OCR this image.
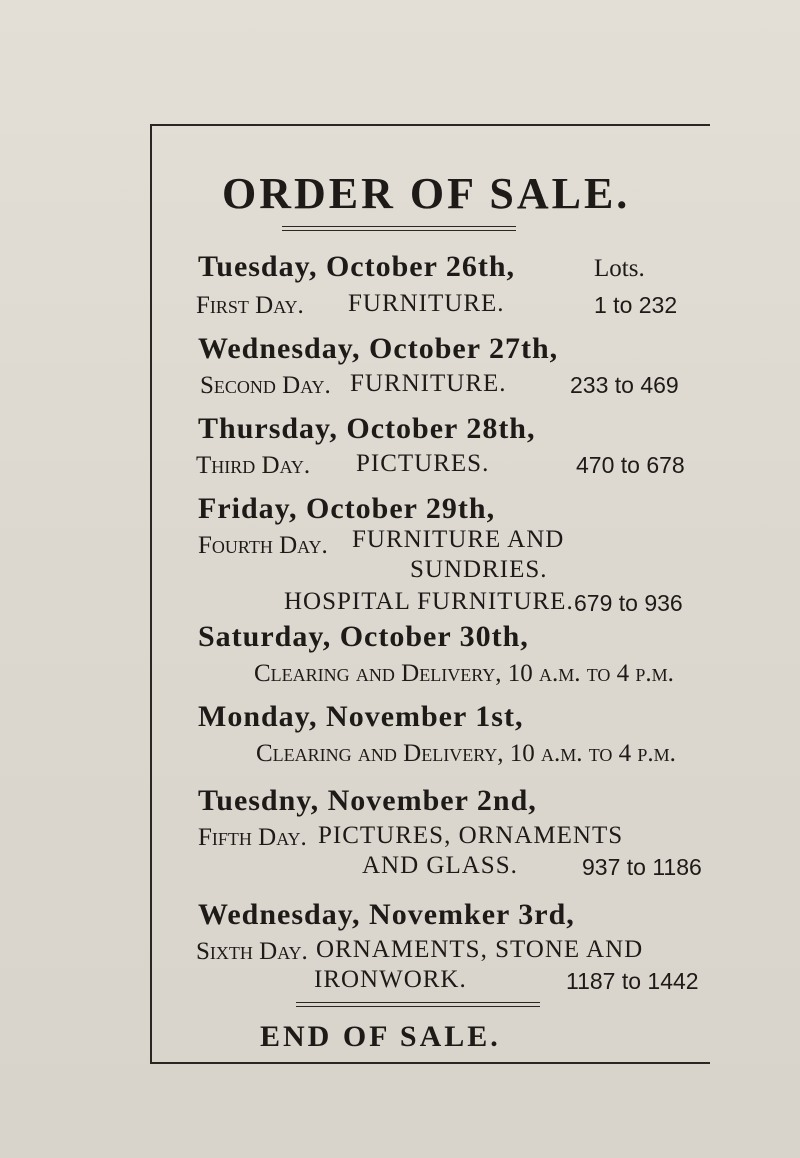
ORDER OF SALE.
Lots.
Tuesday, October 26th,
First Day. FURNITURE.	1 to 232
Wednesday, October 27th,
Second Day. FURNITURE.	233 to 469
Thursday, October 28th,
Third Day. PICTURES.	470 to 678
Friday, October 29th,
Fourth Day. FURNITURE AND
SUNDRIES.
HOSPITAL FURNITURE. 679 to 936
Saturday, October 30th,
Clearing and Delivery, 10 a.m. to 4 p.m.
Monday, November 1st,
Clearing and Delivery, 10 a.m. to 4 p.m.
Tuesdny, November 2nd,
Fifth Day. PICTURES, ORNAMENTS
AND GLASS.	937 to 1186
Wednesday, Novemker 3rd,
Sixth Day. ORNAMENTS, STONE AND
IRONWORK.	1187 to 1442
END OF SALE.
